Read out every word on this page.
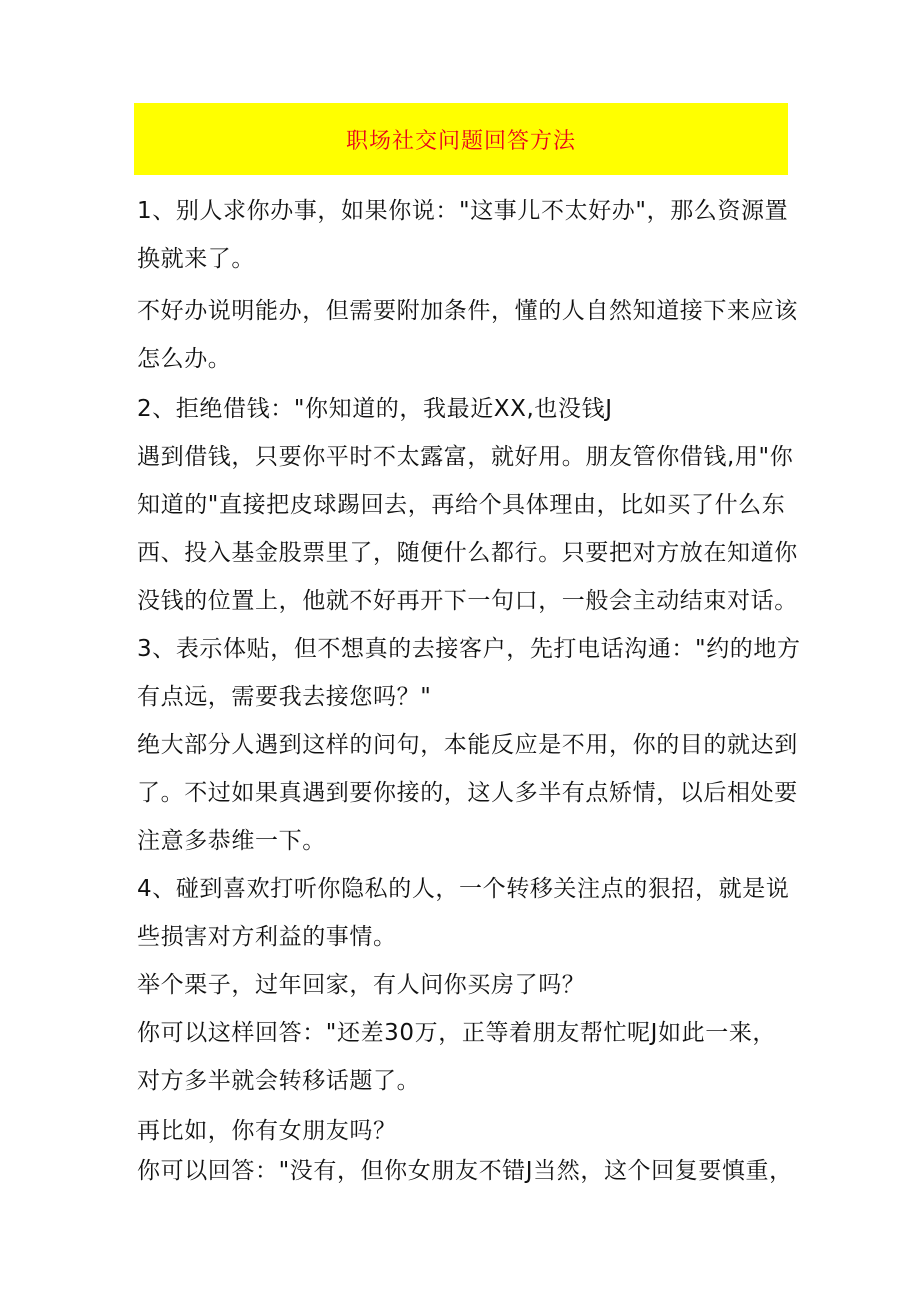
职场社交问题回答方法
1、别人求你办事，如果你说："这事儿不太好办"，那么资源置
换就来了。
不好办说明能办，但需要附加条件，懂的人自然知道接下来应该
怎么办。
2、拒绝借钱："你知道的，我最近XX,也没钱J
遇到借钱，只要你平时不太露富，就好用。朋友管你借钱,用"你
知道的"直接把皮球踢回去，再给个具体理由，比如买了什么东
西、投入基金股票里了，随便什么都行。只要把对方放在知道你
没钱的位置上，他就不好再开下一句口，一般会主动结束对话。
3、表示体贴，但不想真的去接客户，先打电话沟通："约的地方
有点远，需要我去接您吗？"
绝大部分人遇到这样的问句，本能反应是不用，你的目的就达到
了。不过如果真遇到要你接的，这人多半有点矫情，以后相处要
注意多恭维一下。
4、碰到喜欢打听你隐私的人，一个转移关注点的狠招，就是说
些损害对方利益的事情。
举个栗子，过年回家，有人问你买房了吗？
你可以这样回答："还差30万，正等着朋友帮忙呢J如此一来，
对方多半就会转移话题了。
再比如，你有女朋友吗？
你可以回答："没有，但你女朋友不错J当然，这个回复要慎重，
